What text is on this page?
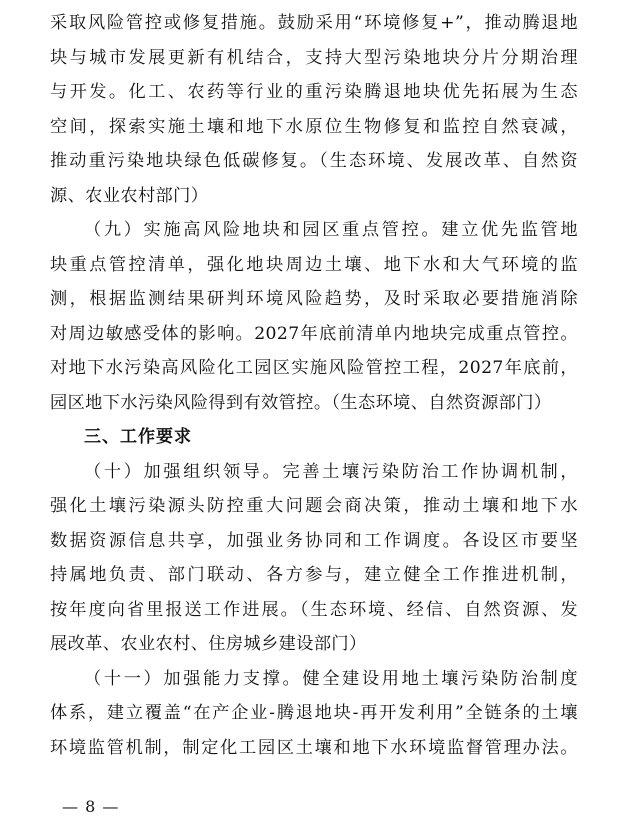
采取风险管控或修复措施。鼓励采用“环境修复+”，推动腾退地
块与城市发展更新有机结合，支持大型污染地块分片分期治理
与开发。化工、农药等行业的重污染腾退地块优先拓展为生态
空间，探索实施土壤和地下水原位生物修复和监控自然衰减，
推动重污染地块绿色低碳修复。（生态环境、发展改革、自然资
源、农业农村部门）
（九）实施高风险地块和园区重点管控。建立优先监管地
块重点管控清单，强化地块周边土壤、地下水和大气环境的监
测，根据监测结果研判环境风险趋势，及时采取必要措施消除
对周边敏感受体的影响。2027年底前清单内地块完成重点管控。
对地下水污染高风险化工园区实施风险管控工程，2027年底前，
园区地下水污染风险得到有效管控。（生态环境、自然资源部门）
三、工作要求
（十）加强组织领导。完善土壤污染防治工作协调机制，
强化土壤污染源头防控重大问题会商决策，推动土壤和地下水
数据资源信息共享，加强业务协同和工作调度。各设区市要坚
持属地负责、部门联动、各方参与，建立健全工作推进机制，
按年度向省里报送工作进展。（生态环境、经信、自然资源、发
展改革、农业农村、住房城乡建设部门）
（十一）加强能力支撑。健全建设用地土壤污染防治制度
体系，建立覆盖“在产企业-腾退地块-再开发利用”全链条的土壤
环境监管机制，制定化工园区土壤和地下水环境监督管理办法。
— 8 —
